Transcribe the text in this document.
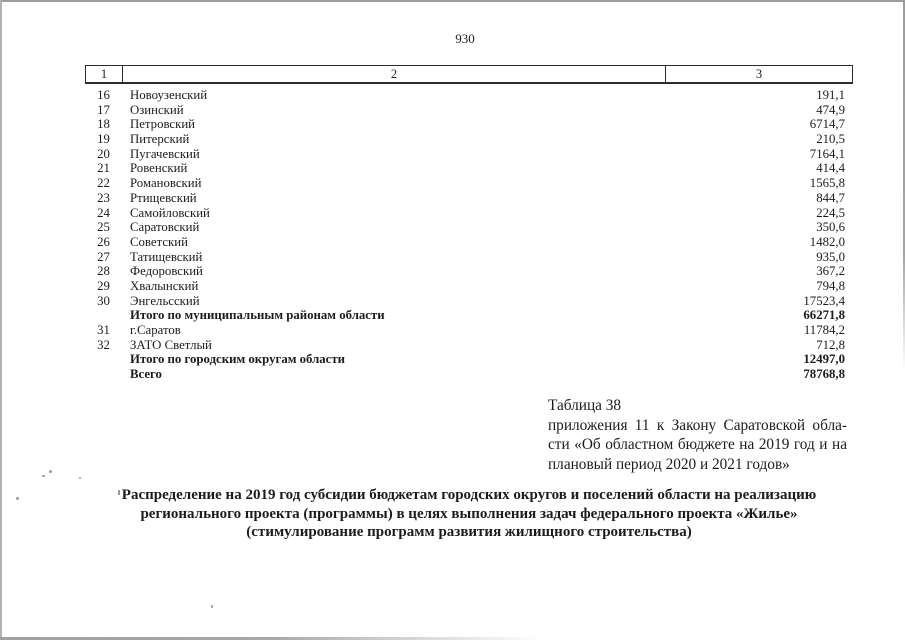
930
1	2	3
16	Новоузенский	191,1
17	Озинский	474,9
18	Петровский	6714,7
19	Питерский	210,5
20	Пугачевский	7164,1
21	Ровенский	414,4
22	Романовский	1565,8
23	Ртищевский	844,7
24	Самойловский	224,5
25	Саратовский	350,6
26	Советский	1482,0
27	Татищевский	935,0
28	Федоровский	367,2
29	Хвалынский	794,8
30	Энгельсский	17523,4
Итого по муниципальным районам области	66271,8
31	г.Саратов	11784,2
32	ЗАТО Светлый	712,8
Итого по городским округам области	12497,0
Всего	78768,8
Таблица 38
приложения 11 к Закону Саратовской обла-
сти «Об областном бюджете на 2019 год и на
плановый период 2020 и 2021 годов»
Распределение на 2019 год субсидии бюджетам городских округов и поселений области на реализацию
регионального проекта (программы) в целях выполнения задач федерального проекта «Жилье»
(стимулирование программ развития жилищного строительства)
